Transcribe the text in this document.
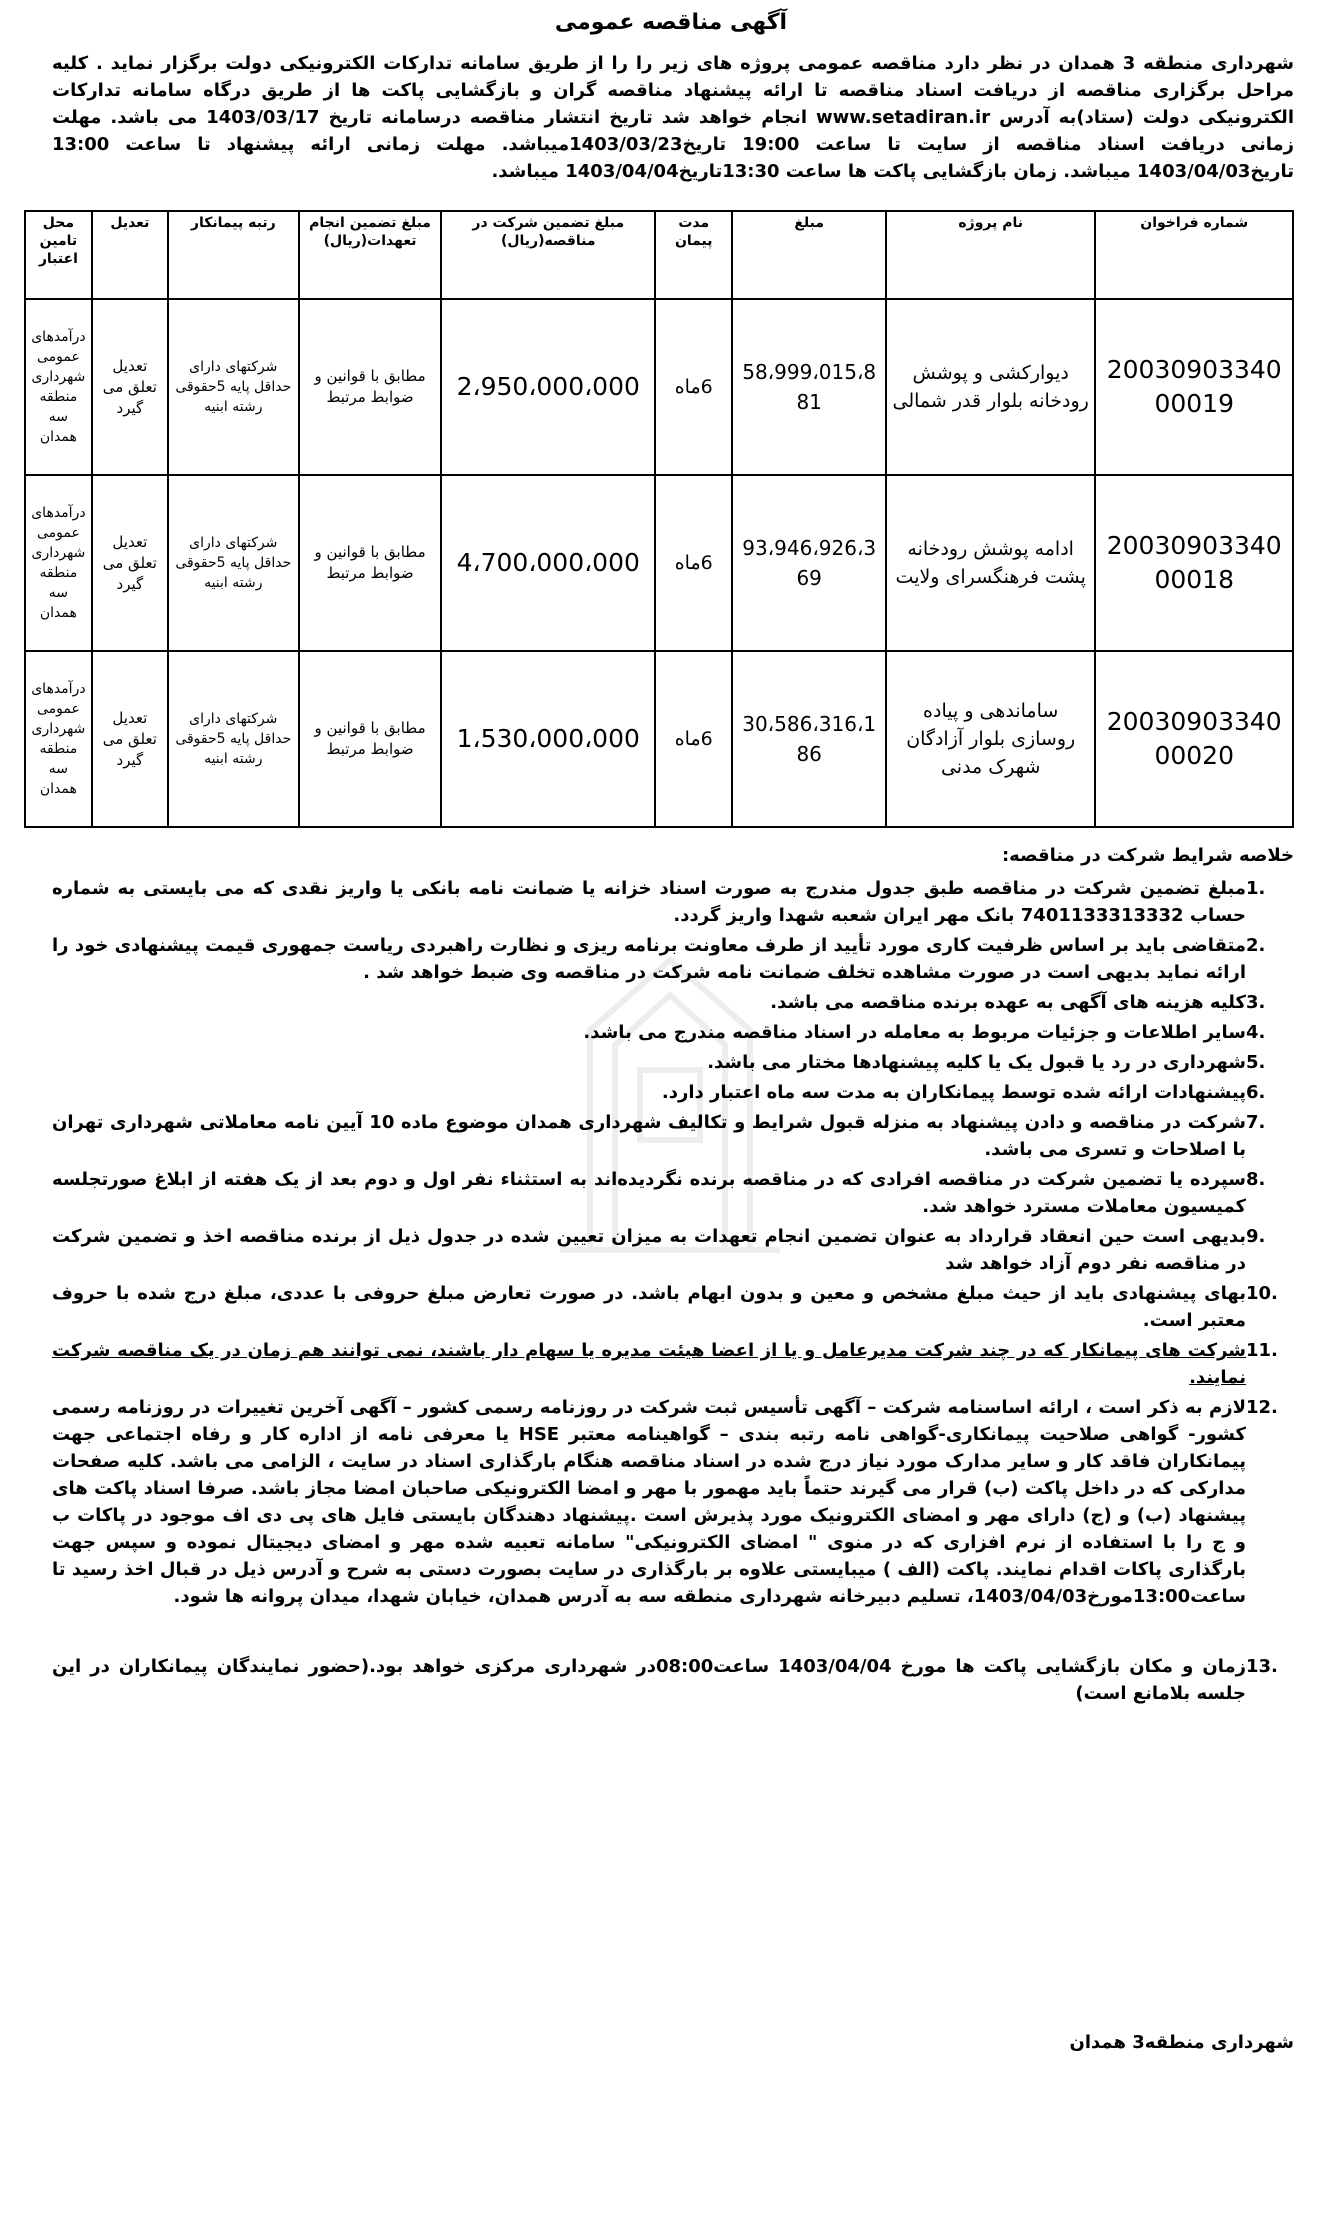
آگهی مناقصه عمومی
شهرداری منطقه 3 همدان در نظر دارد مناقصه عمومی پروژه های زیر را را از طریق سامانه تدارکات الکترونیکی دولت برگزار نماید . کلیه مراحل برگزاری مناقصه از دریافت اسناد مناقصه تا ارائه پیشنهاد مناقصه گران و بازگشایی پاکت ها از طریق درگاه سامانه تدارکات الکترونیکی دولت (ستاد)به آدرس www.setadiran.ir انجام خواهد شد تاریخ انتشار مناقصه درسامانه تاریخ 1403/03/17 می باشد. مهلت زمانی دریافت اسناد مناقصه از سایت تا ساعت 19:00 تاریخ1403/03/23میباشد. مهلت زمانی ارائه پیشنهاد تا ساعت 13:00 تاریخ1403/04/03 میباشد. زمان بازگشایی پاکت ها ساعت 13:30تاریخ1403/04/04 میباشد.
شماره فراخوان	نام پروژه	مبلغ	مدت پیمان	مبلغ تضمین شرکت در مناقصه(ریال)	مبلغ تضمین انجام تعهدات(ریال)	رتبه پیمانکار	تعدیل	محل تامین اعتبار
2003090334000019	دیوارکشی و پوشش رودخانه بلوار قدر شمالی	58،999،015،881	6ماه	2،950،000،000	مطابق با قوانین و ضوابط مرتبط	شرکتهای دارای حداقل پایه 5حقوقی رشته ابنیه	تعدیل تعلق می گیرد	درآمدهای عمومی شهرداری منطقه سه همدان
2003090334000018	ادامه پوشش رودخانه پشت فرهنگسرای ولایت	93،946،926،369	6ماه	4،700،000،000	مطابق با قوانین و ضوابط مرتبط	شرکتهای دارای حداقل پایه 5حقوقی رشته ابنیه	تعدیل تعلق می گیرد	درآمدهای عمومی شهرداری منطقه سه همدان
2003090334000020	ساماندهی و پیاده روسازی بلوار آزادگان شهرک مدنی	30،586،316،186	6ماه	1،530،000،000	مطابق با قوانین و ضوابط مرتبط	شرکتهای دارای حداقل پایه 5حقوقی رشته ابنیه	تعدیل تعلق می گیرد	درآمدهای عمومی شهرداری منطقه سه همدان
خلاصه شرایط شرکت در مناقصه:
1.
مبلغ تضمین شرکت در مناقصه طبق جدول مندرج به صورت اسناد خزانه یا ضمانت نامه بانکی یا واریز نقدی که می بایستی به شماره حساب 7401133313332 بانک مهر ایران شعبه شهدا واریز گردد.
2.
متقاضی باید بر اساس ظرفیت کاری مورد تأیید از طرف معاونت برنامه ریزی و نظارت راهبردی ریاست جمهوری قیمت پیشنهادی خود را ارائه نماید بدیهی است در صورت مشاهده تخلف ضمانت نامه شرکت در مناقصه وی ضبط خواهد شد .
3.
کلیه هزینه های آگهی به عهده برنده مناقصه می باشد.
4.
سایر اطلاعات و جزئیات مربوط به معامله در اسناد مناقصه مندرج می باشد.
5.
شهرداری در رد یا قبول یک یا کلیه پیشنهادها مختار می باشد.
6.
پیشنهادات ارائه شده توسط پیمانکاران به مدت سه ماه اعتبار دارد.
7.
شرکت در مناقصه و دادن پیشنهاد به منزله قبول شرایط و تکالیف شهرداری همدان موضوع ماده 10 آیین نامه معاملاتی شهرداری تهران با اصلاحات و تسری می باشد.
8.
سپرده یا تضمین شرکت در مناقصه افرادی که در مناقصه برنده نگردیده‌اند به استثناء نفر اول و دوم بعد از یک هفته از ابلاغ صورتجلسه کمیسیون معاملات مسترد خواهد شد.
9.
بدیهی است حین انعقاد قرارداد به عنوان تضمین انجام تعهدات به میزان تعیین شده در جدول ذیل از برنده مناقصه اخذ و تضمین شرکت در مناقصه نفر دوم آزاد خواهد شد
10.
بهای پیشنهادی باید از حیث مبلغ مشخص و معین و بدون ابهام باشد. در صورت تعارض مبلغ حروفی با عددی، مبلغ درج شده با حروف معتبر است.
11.
شرکت های پیمانکار که در چند شرکت مدیرعامل و یا از اعضا هیئت مدیره یا سهام دار باشند، نمی توانند هم زمان در یک مناقصه شرکت نمایند.
12.
لازم به ذکر است ، ارائه اساسنامه شرکت – آگهی تأسیس ثبت شرکت در روزنامه رسمی کشور – آگهی آخرین تغییرات در روزنامه رسمی کشور- گواهی صلاحیت پیمانکاری-گواهی نامه رتبه بندی – گواهینامه معتبر HSE یا معرفی نامه از اداره کار و رفاه اجتماعی جهت پیمانکاران فاقد کار و سایر مدارک مورد نیاز درج شده در اسناد مناقصه هنگام بارگذاری اسناد در سایت ، الزامی می باشد. کلیه صفحات مدارکی که در داخل پاکت (ب) قرار می گیرند حتماً باید مهمور با مهر و امضا الکترونیکی صاحبان امضا مجاز باشد. صرفا اسناد پاکت های پیشنهاد (ب) و (ج) دارای مهر و امضای الکترونیک مورد پذیرش است .پیشنهاد دهندگان بایستی فایل های پی دی اف موجود در پاکات ب و ج را با استفاده از نرم افزاری که در منوی " امضای الکترونیکی" سامانه تعبیه شده مهر و امضای دیجیتال نموده و سپس جهت بارگذاری پاکات اقدام نمایند. پاکت (الف ) میبایستی علاوه بر بارگذاری در سایت بصورت دستی به شرح و آدرس ذیل در قبال اخذ رسید تا ساعت13:00مورخ1403/04/03، تسلیم دبیرخانه شهرداری منطقه سه به آدرس همدان، خیابان شهدا، میدان پروانه ها شود.
13.
زمان و مکان بازگشایی پاکت ها مورخ 1403/04/04 ساعت08:00در شهرداری مرکزی خواهد بود.(حضور نمایندگان پیمانکاران در این جلسه بلامانع است)
شهرداری منطقه3 همدان
